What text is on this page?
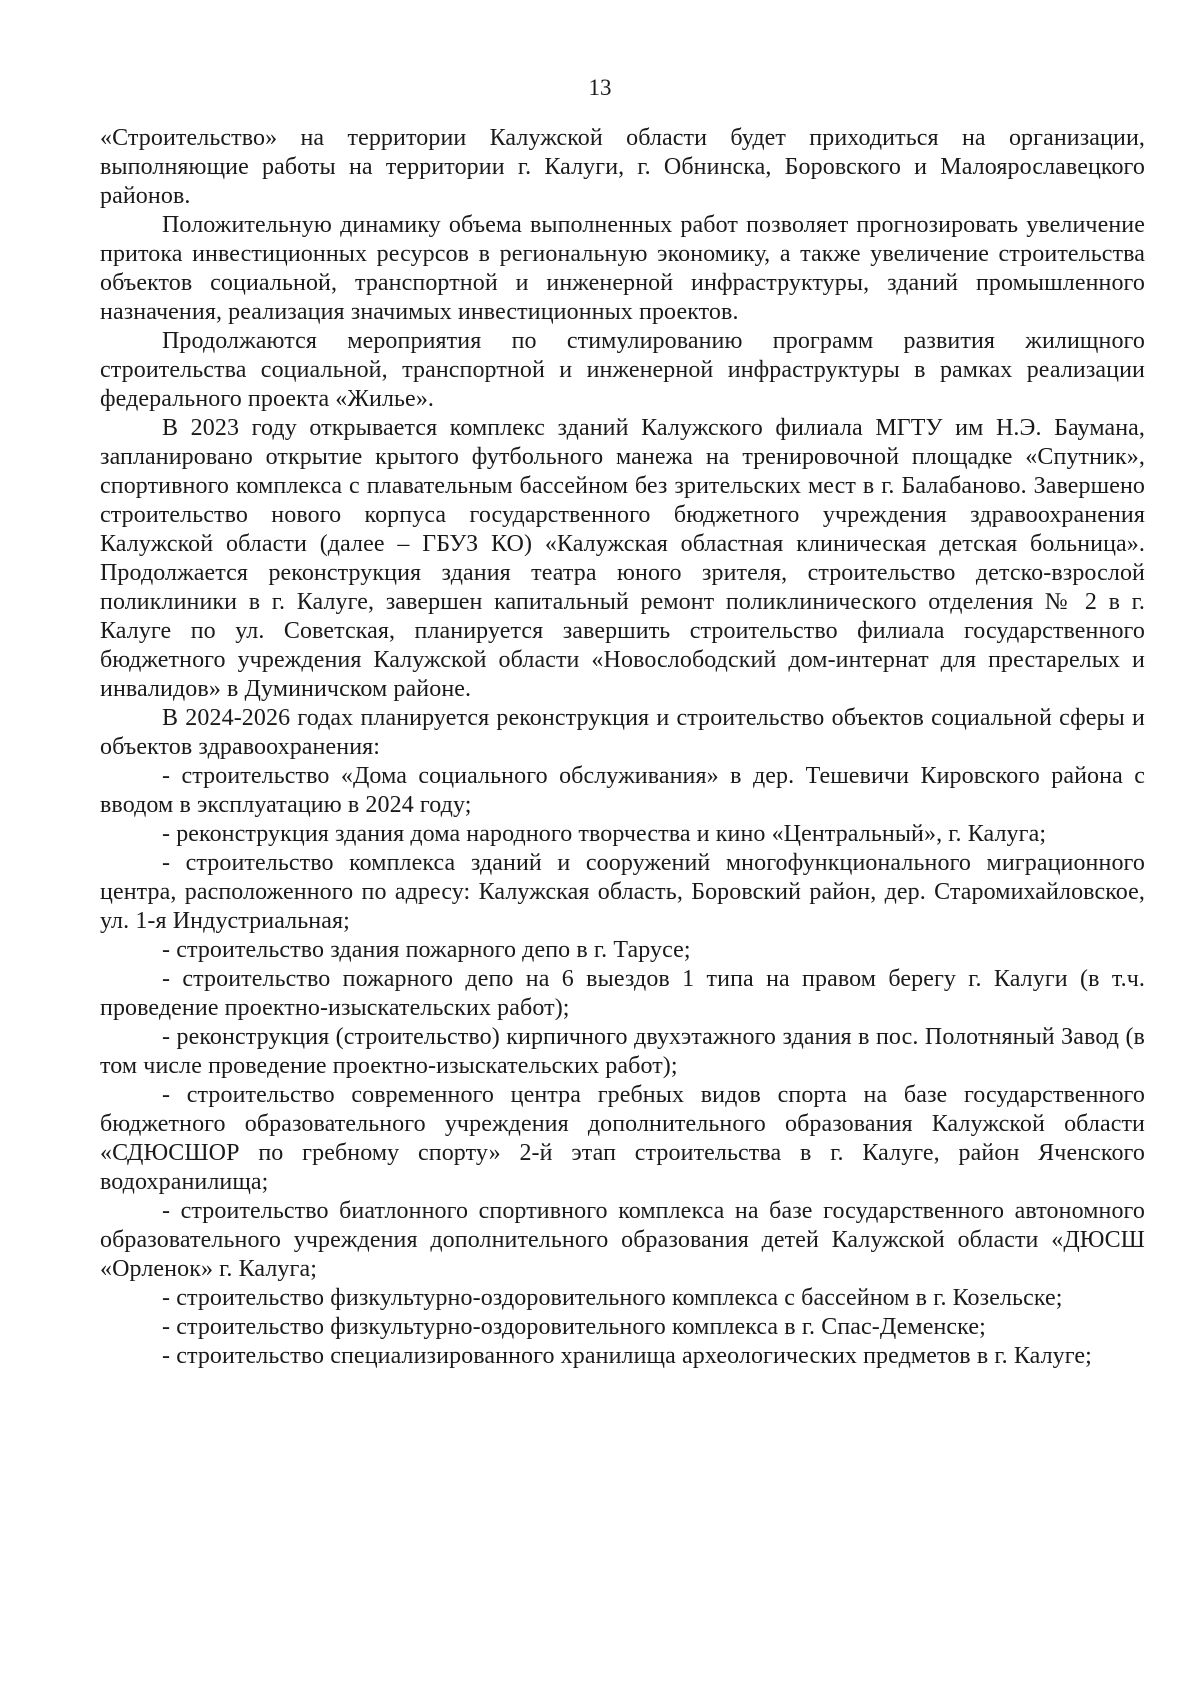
13

«Строительство» на территории Калужской области будет приходиться на организации, выполняющие работы на территории г. Калуги, г. Обнинска, Боровского и Малоярославецкого районов.

Положительную динамику объема выполненных работ позволяет прогнозировать увеличение притока инвестиционных ресурсов в региональную экономику, а также увеличение строительства объектов социальной, транспортной и инженерной инфраструктуры, зданий промышленного назначения, реализация значимых инвестиционных проектов.

Продолжаются мероприятия по стимулированию программ развития жилищного строительства социальной, транспортной и инженерной инфраструктуры в рамках реализации федерального проекта «Жилье».

В 2023 году открывается комплекс зданий Калужского филиала МГТУ им Н.Э. Баумана, запланировано открытие крытого футбольного манежа на тренировочной площадке «Спутник», спортивного комплекса с плавательным бассейном без зрительских мест в г. Балабаново. Завершено строительство нового корпуса государственного бюджетного учреждения здравоохранения Калужской области (далее – ГБУЗ КО) «Калужская областная клиническая детская больница». Продолжается реконструкция здания театра юного зрителя, строительство детско-взрослой поликлиники в г. Калуге, завершен капитальный ремонт поликлинического отделения № 2 в г. Калуге по ул. Советская, планируется завершить строительство филиала государственного бюджетного учреждения Калужской области «Новослободский дом-интернат для престарелых и инвалидов» в Думиничском районе.

В 2024-2026 годах планируется реконструкция и строительство объектов социальной сферы и объектов здравоохранения:

- строительство «Дома социального обслуживания» в дер. Тешевичи Кировского района с вводом в эксплуатацию в 2024 году;

- реконструкция здания дома народного творчества и кино «Центральный», г. Калуга;

- строительство комплекса зданий и сооружений многофункционального миграционного центра, расположенного по адресу: Калужская область, Боровский район, дер. Старомихайловское, ул. 1-я Индустриальная;

- строительство здания пожарного депо в г. Тарусе;

- строительство пожарного депо на 6 выездов 1 типа на правом берегу г. Калуги (в т.ч. проведение проектно-изыскательских работ);

- реконструкция (строительство) кирпичного двухэтажного здания в пос. Полотняный Завод (в том числе проведение проектно-изыскательских работ);

- строительство современного центра гребных видов спорта на базе государственного бюджетного образовательного учреждения дополнительного образования Калужской области «СДЮСШОР по гребному спорту» 2-й этап строительства в г. Калуге, район Яченского водохранилища;

- строительство биатлонного спортивного комплекса на базе государственного автономного образовательного учреждения дополнительного образования детей Калужской области «ДЮСШ «Орленок» г. Калуга;

- строительство физкультурно-оздоровительного комплекса с бассейном в г. Козельске;

- строительство физкультурно-оздоровительного комплекса в г. Спас-Деменске;

- строительство специализированного хранилища археологических предметов в г. Калуге;
